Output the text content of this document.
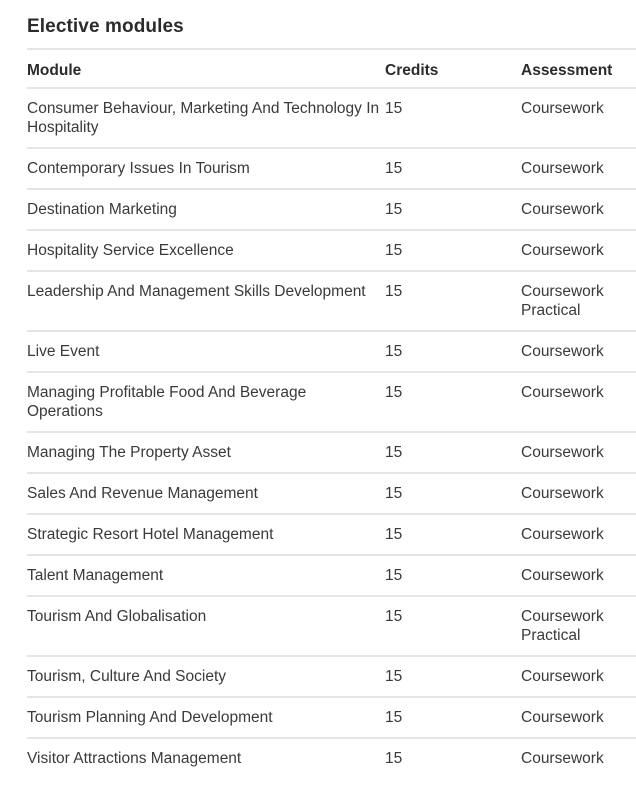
Elective modules
Module	Credits	Assessment
Consumer Behaviour, Marketing And Technology In Hospitality	15	Coursework

Contemporary Issues In Tourism	15	Coursework

Destination Marketing	15	Coursework

Hospitality Service Excellence	15	Coursework

Leadership And Management Skills Development	15	Coursework
Practical

Live Event	15	Coursework

Managing Profitable Food And Beverage Operations	15	Coursework

Managing The Property Asset	15	Coursework

Sales And Revenue Management	15	Coursework

Strategic Resort Hotel Management	15	Coursework

Talent Management	15	Coursework

Tourism And Globalisation	15	Coursework
Practical

Tourism, Culture And Society	15	Coursework

Tourism Planning And Development	15	Coursework

Visitor Attractions Management	15	Coursework
